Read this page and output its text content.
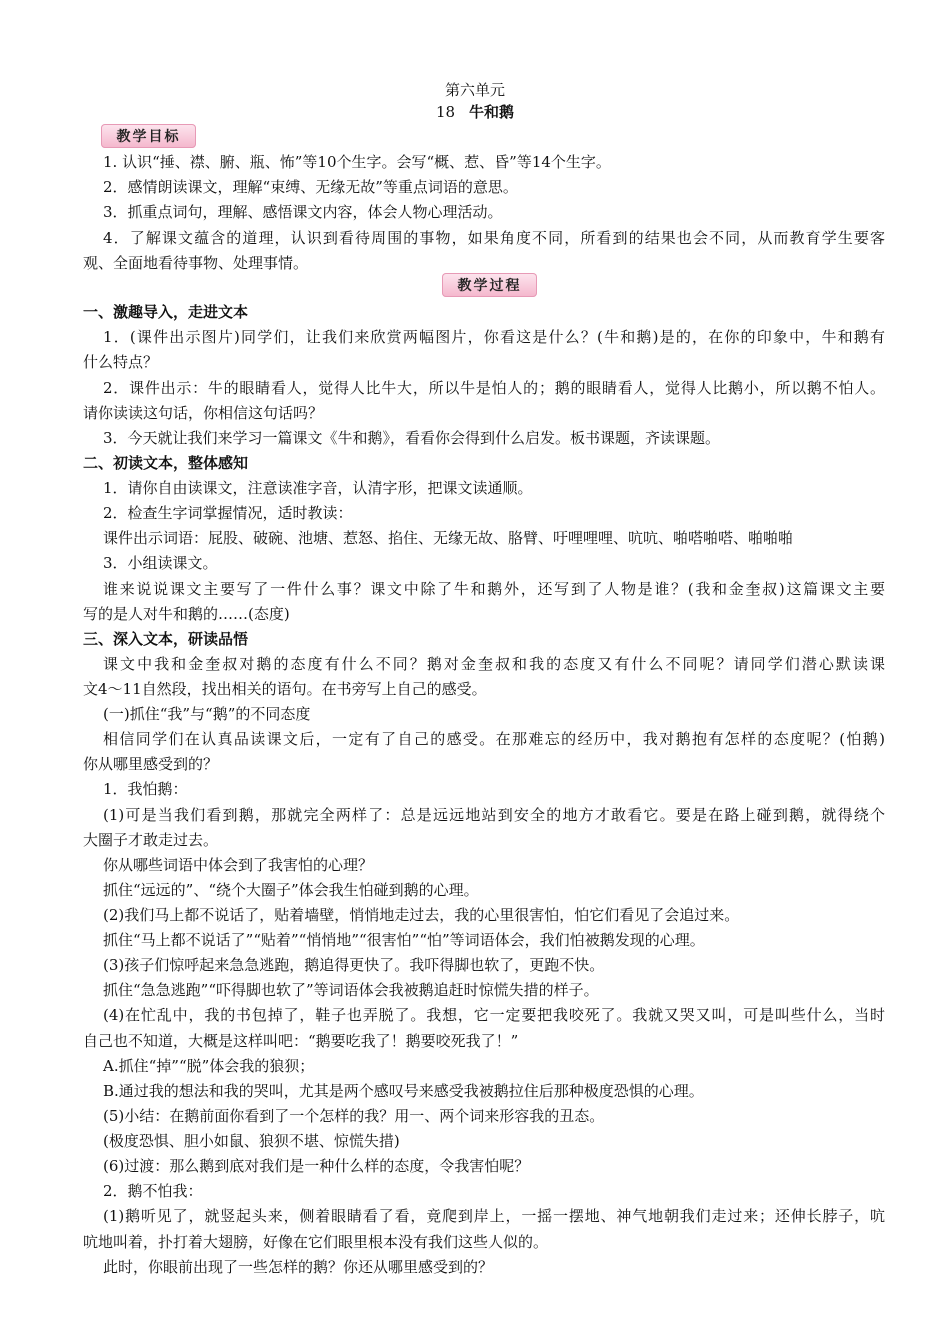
第六单元
18 牛和鹅
教学目标
教学过程
1. 认识“捶、襟、腑、瓶、怖”等10个生字。会写“概、惹、昏”等14个生字。
2．感情朗读课文，理解“束缚、无缘无故”等重点词语的意思。
3．抓重点词句，理解、感悟课文内容，体会人物心理活动。
4．了解课文蕴含的道理，认识到看待周围的事物，如果角度不同，所看到的结果也会不同，从而教育学生要客
观、全面地看待事物、处理事情。
一、激趣导入，走进文本
1．(课件出示图片)同学们，让我们来欣赏两幅图片，你看这是什么？(牛和鹅)是的，在你的印象中，牛和鹅有
什么特点？
2．课件出示：牛的眼睛看人，觉得人比牛大，所以牛是怕人的；鹅的眼睛看人，觉得人比鹅小，所以鹅不怕人。
请你读读这句话，你相信这句话吗？
3．今天就让我们来学习一篇课文《牛和鹅》，看看你会得到什么启发。板书课题，齐读课题。
二、初读文本，整体感知
1．请你自由读课文，注意读准字音，认清字形，把课文读通顺。
2．检查生字词掌握情况，适时教读：
课件出示词语：屁股、破碗、池塘、惹怒、掐住、无缘无故、胳臂、吁哩哩哩、吭吭、啪嗒啪嗒、啪啪啪
3．小组读课文。
谁来说说课文主要写了一件什么事？课文中除了牛和鹅外，还写到了人物是谁？(我和金奎叔)这篇课文主要
写的是人对牛和鹅的……(态度)
三、深入文本，研读品悟
课文中我和金奎叔对鹅的态度有什么不同？鹅对金奎叔和我的态度又有什么不同呢？请同学们潜心默读课
文4～11自然段，找出相关的语句。在书旁写上自己的感受。
(一)抓住“我”与“鹅”的不同态度
相信同学们在认真品读课文后，一定有了自己的感受。在那难忘的经历中，我对鹅抱有怎样的态度呢？(怕鹅)
你从哪里感受到的？
1．我怕鹅：
(1)可是当我们看到鹅，那就完全两样了：总是远远地站到安全的地方才敢看它。要是在路上碰到鹅，就得绕个
大圈子才敢走过去。
你从哪些词语中体会到了我害怕的心理？
抓住“远远的”、“绕个大圈子”体会我生怕碰到鹅的心理。
(2)我们马上都不说话了，贴着墙壁，悄悄地走过去，我的心里很害怕，怕它们看见了会追过来。
抓住“马上都不说话了”“贴着”“悄悄地”“很害怕”“怕”等词语体会，我们怕被鹅发现的心理。
(3)孩子们惊呼起来急急逃跑，鹅追得更快了。我吓得脚也软了，更跑不快。
抓住“急急逃跑”“吓得脚也软了”等词语体会我被鹅追赶时惊慌失措的样子。
(4)在忙乱中，我的书包掉了，鞋子也弄脱了。我想，它一定要把我咬死了。我就又哭又叫，可是叫些什么，当时
自己也不知道，大概是这样叫吧：“鹅要吃我了！鹅要咬死我了！”
A.抓住“掉”“脱”体会我的狼狈；
B.通过我的想法和我的哭叫，尤其是两个感叹号来感受我被鹅拉住后那种极度恐惧的心理。
(5)小结：在鹅前面你看到了一个怎样的我？用一、两个词来形容我的丑态。
(极度恐惧、胆小如鼠、狼狈不堪、惊慌失措)
(6)过渡：那么鹅到底对我们是一种什么样的态度，令我害怕呢？
2．鹅不怕我：
(1)鹅听见了，就竖起头来，侧着眼睛看了看，竟爬到岸上，一摇一摆地、神气地朝我们走过来；还伸长脖子，吭
吭地叫着，扑打着大翅膀，好像在它们眼里根本没有我们这些人似的。
此时，你眼前出现了一些怎样的鹅？你还从哪里感受到的？
